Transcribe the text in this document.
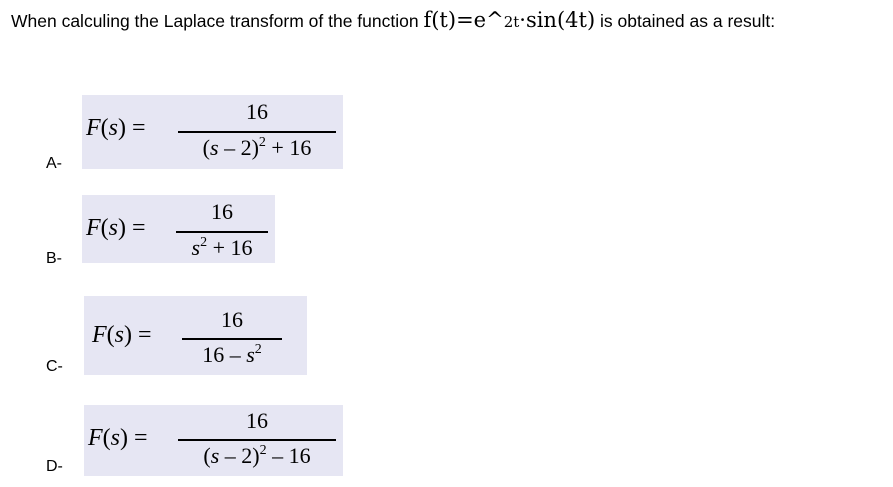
When calculing the Laplace transform of the function f(t)=e^2t·sin(4t) is obtained as a result:
F(s) =
16
(s – 2)$^2$ + 16
A-
F(s) =
16
$s^2 + 16$
B-
F(s) =
16
$16 - s^2$
C-
F(s) =
16
(s – 2)$^2$ – 16
D-
